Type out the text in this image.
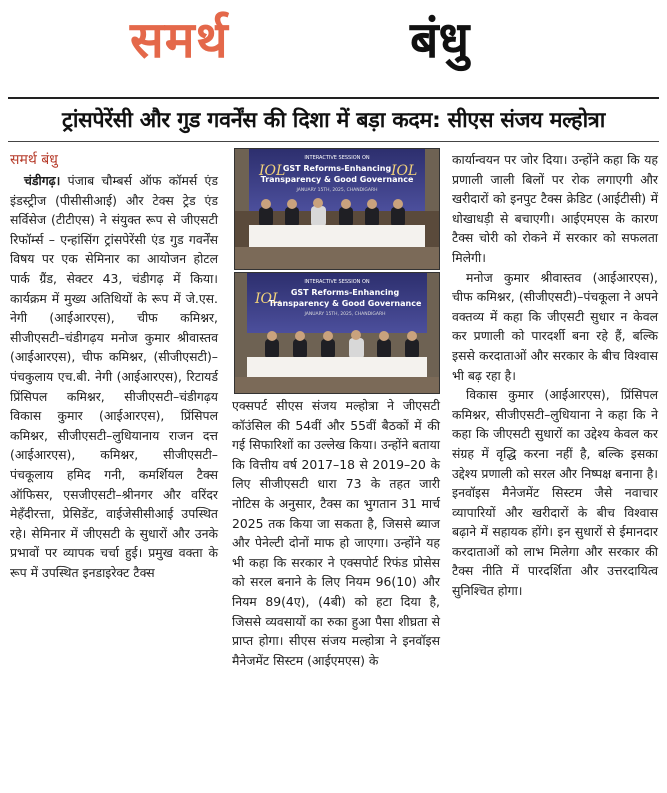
समर्थ	बंधु
ट्रांसपेरेंसी और गुड गवर्नेंस की दिशा में बड़ा कदम: सीएस संजय मल्होत्रा
समर्थ बंधु

चंडीगढ़। पंजाब चौम्बर्स ऑफ कॉमर्स एंड इंडस्ट्रीज (पीसीसीआई) और टेक्स ट्रेड एंड सर्विसेज (टीटीएस) ने संयुक्त रूप से जीएसटी रिफॉर्म्स – एन्हांसिंग ट्रांसपेरेंसी एंड गुड गवर्नेंस विषय पर एक सेमिनार का आयोजन होटल पार्क ग्रैंड, सेक्टर 43, चंडीगढ़ में किया। कार्यक्रम में मुख्य अतिथियों के रूप में जे.एस. नेगी (आईआरएस), चीफ कमिश्नर, सीजीएसटी–चंडीगढ़य मनोज कुमार श्रीवास्तव (आईआरएस), चीफ कमिश्नर, (सीजीएसटी)–पंचकुलाय एच.बी. नेगी (आईआरएस), रिटायर्ड प्रिंसिपल कमिश्नर, सीजीएसटी–चंडीगढ़य विकास कुमार (आईआरएस), प्रिंसिपल कमिश्नर, सीजीएसटी–लुधियानाय राजन दत्त (आईआरएस), कमिश्नर, सीजीएसटी–पंचकूलाय हमिद गनी, कमर्शियल टैक्स ऑफिसर, एसजीएसटी–श्रीनगर और वरिंदर मेहँदीरत्ता, प्रेसिडेंट, वाईजेसीसीआई उपस्थित रहे। सेमिनार में जीएसटी के सुधारों और उनके प्रभावों पर व्यापक चर्चा हुई। प्रमुख वक्ता के रूप में उपस्थित इनडाइरेक्ट टैक्स

IOL	IOL
INTERACTIVE SESSION ON
GST Reforms-Enhancing
Transparency & Good Governance
JANUARY 15TH, 2025, CHANDIGARH
IOL
INTERACTIVE SESSION ON
GST Reforms-Enhancing
Transparency & Good Governance
JANUARY 15TH, 2025, CHANDIGARH

एक्सपर्ट सीएस संजय मल्होत्रा ने जीएसटी कॉउंसिल की 54वीं और 55वीं बैठकों में की गई सिफारिशों का उल्लेख किया। उन्होंने बताया कि वित्तीय वर्ष 2017–18 से 2019–20 के लिए सीजीएसटी धारा 73 के तहत जारी नोटिस के अनुसार, टैक्स का भुगतान 31 मार्च 2025 तक किया जा सकता है, जिससे ब्याज और पेनेल्टी दोनों माफ हो जाएगा। उन्होंने यह भी कहा कि सरकार ने एक्सपोर्ट रिफंड प्रोसेस को सरल बनाने के लिए नियम 96(10) और नियम 89(4ए), (4बी) को हटा दिया है, जिससे व्यवसायों का रुका हुआ पैसा शीघ्रता से प्राप्त होगा। सीएस संजय मल्होत्रा ने इनवॉइस मैनेजमेंट सिस्टम (आईएमएस) के

कार्यान्वयन पर जोर दिया। उन्होंने कहा कि यह प्रणाली जाली बिलों पर रोक लगाएगी और खरीदारों को इनपुट टैक्स क्रेडिट (आईटीसी) में धोखाधड़ी से बचाएगी। आईएमएस के कारण टैक्स चोरी को रोकने में सरकार को सफलता मिलेगी।

मनोज कुमार श्रीवास्तव (आईआरएस), चीफ कमिश्नर, (सीजीएसटी)–पंचकूला ने अपने वक्तव्य में कहा कि जीएसटी सुधार न केवल कर प्रणाली को पारदर्शी बना रहे हैं, बल्कि इससे करदाताओं और सरकार के बीच विश्वास भी बढ़ रहा है।

विकास कुमार (आईआरएस), प्रिंसिपल कमिश्नर, सीजीएसटी–लुधियाना ने कहा कि ने कहा कि जीएसटी सुधारों का उद्देश्य केवल कर संग्रह में वृद्धि करना नहीं है, बल्कि इसका उद्देश्य प्रणाली को सरल और निष्पक्ष बनाना है। इनवॉइस मैनेजमेंट सिस्टम जैसे नवाचार व्यापारियों और खरीदारों के बीच विश्वास बढ़ाने में सहायक होंगे। इन सुधारों से ईमानदार करदाताओं को लाभ मिलेगा और सरकार की टैक्स नीति में पारदर्शिता और उत्तरदायित्व सुनिश्चित होगा।
